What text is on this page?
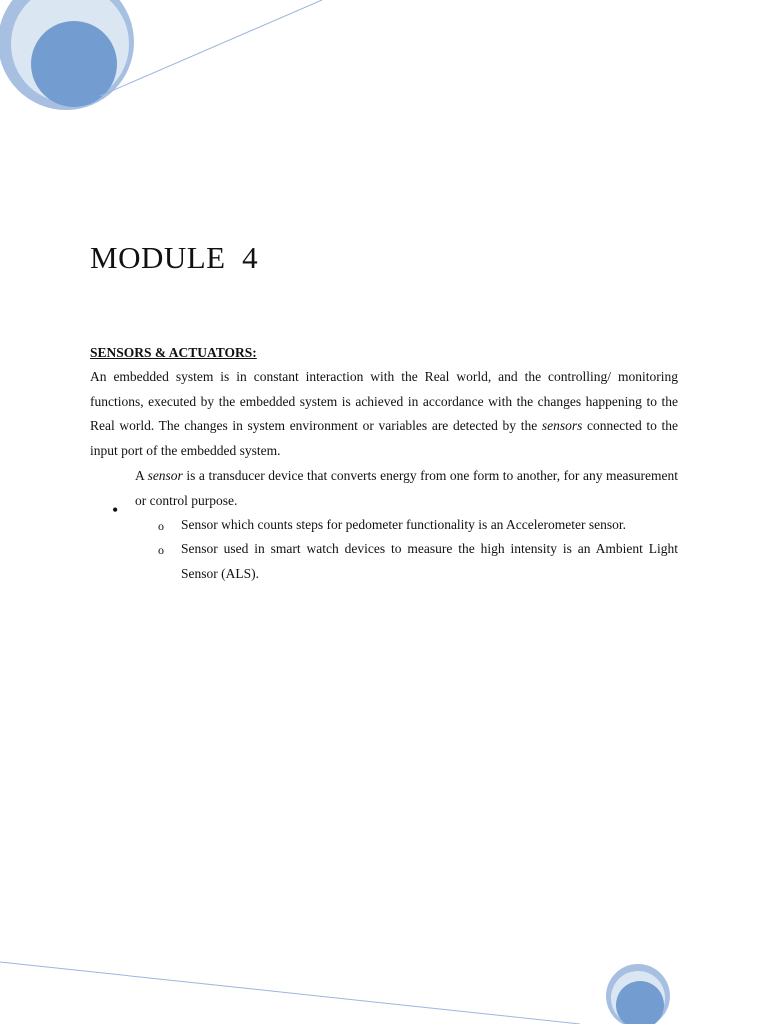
MODULE  4
SENSORS & ACTUATORS:

An embedded system is in constant interaction with the Real world, and the controlling/ monitoring functions, executed by the embedded system is achieved in accordance with the changes happening to the Real world. The changes in system environment or variables are detected by the sensors connected to the input port of the embedded system.

•

A sensor is a transducer device that converts energy from one form to another, for any measurement or control purpose.

o Sensor which counts steps for pedometer functionality is an Accelerometer sensor.

o Sensor used in smart watch devices to measure the high intensity is an Ambient Light Sensor (ALS).
